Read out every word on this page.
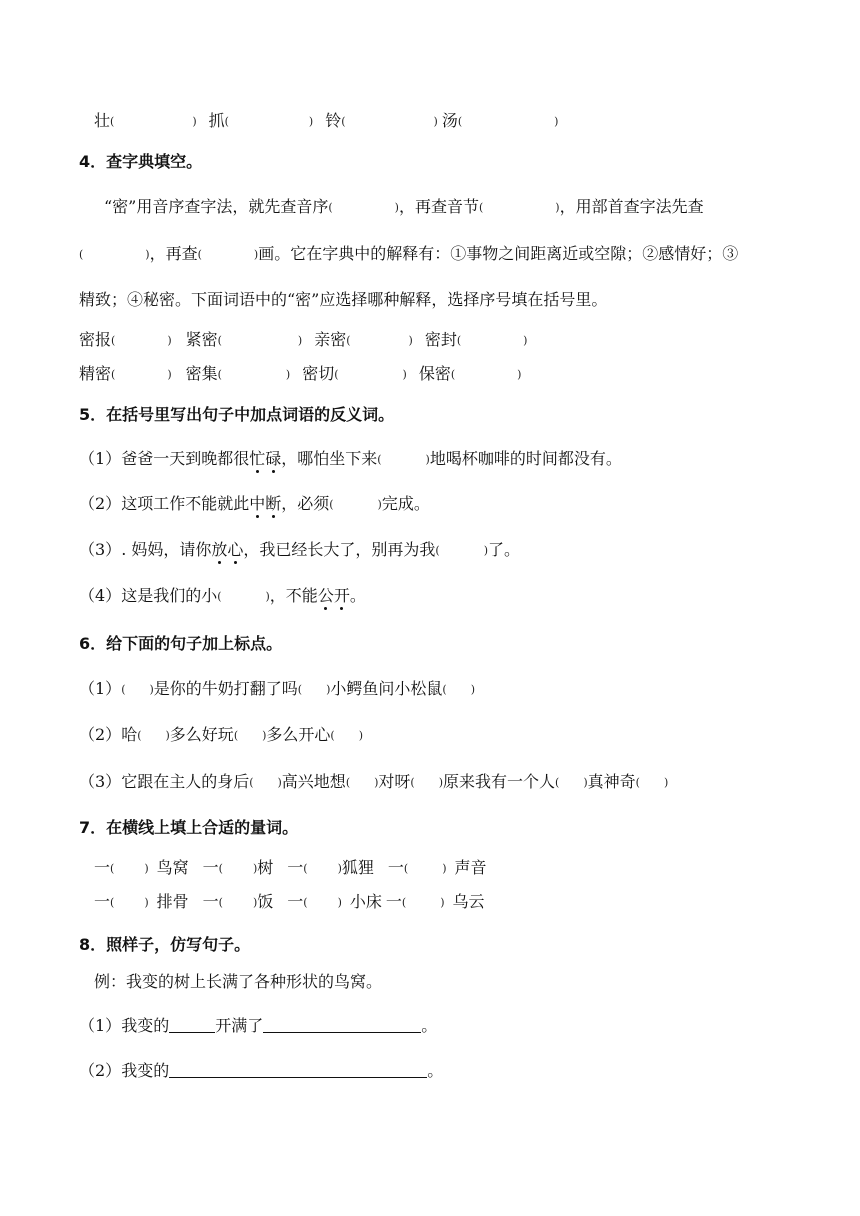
壮(	) 抓(	) 铃(	) 汤(	)
4．查字典填空。
“密”用音序查字法，就先查音序(	)，再查音节(	)，用部首查字法先查
(	)，再查(	)画。它在字典中的解释有：①事物之间距离近或空隙；②感情好；③
精致；④秘密。下面词语中的“密”应选择哪种解释，选择序号填在括号里。
密报(	) 紧密(	) 亲密(	) 密封(	)
精密(	) 密集(	) 密切(	) 保密(	)
5．在括号里写出句子中加点词语的反义词。
（1）爸爸一天到晚都很忙碌，哪怕坐下来(	)地喝杯咖啡的时间都没有。
（2）这项工作不能就此中断，必须(	)完成。
（3）. 妈妈，请你放心，我已经长大了，别再为我(	)了。
（4）这是我们的小(	)，不能公开。
6．给下面的句子加上标点。
（1）( )是你的牛奶打翻了吗( )小鳄鱼问小松鼠( )
（2）哈( )多么好玩( )多么开心( )
（3）它跟在主人的身后( )高兴地想( )对呀( )原来我有一个人( )真神奇( )
7．在横线上填上合适的量词。
一(	) 鸟窝 一(	)树 一(	)狐狸 一(	) 声音
一(	) 排骨 一(	)饭 一(	) 小床 一(	) 乌云
8．照样子，仿写句子。
例：我变的树上长满了各种形状的鸟窝。
（1）我变的	开满了	。
（2）我变的	。
